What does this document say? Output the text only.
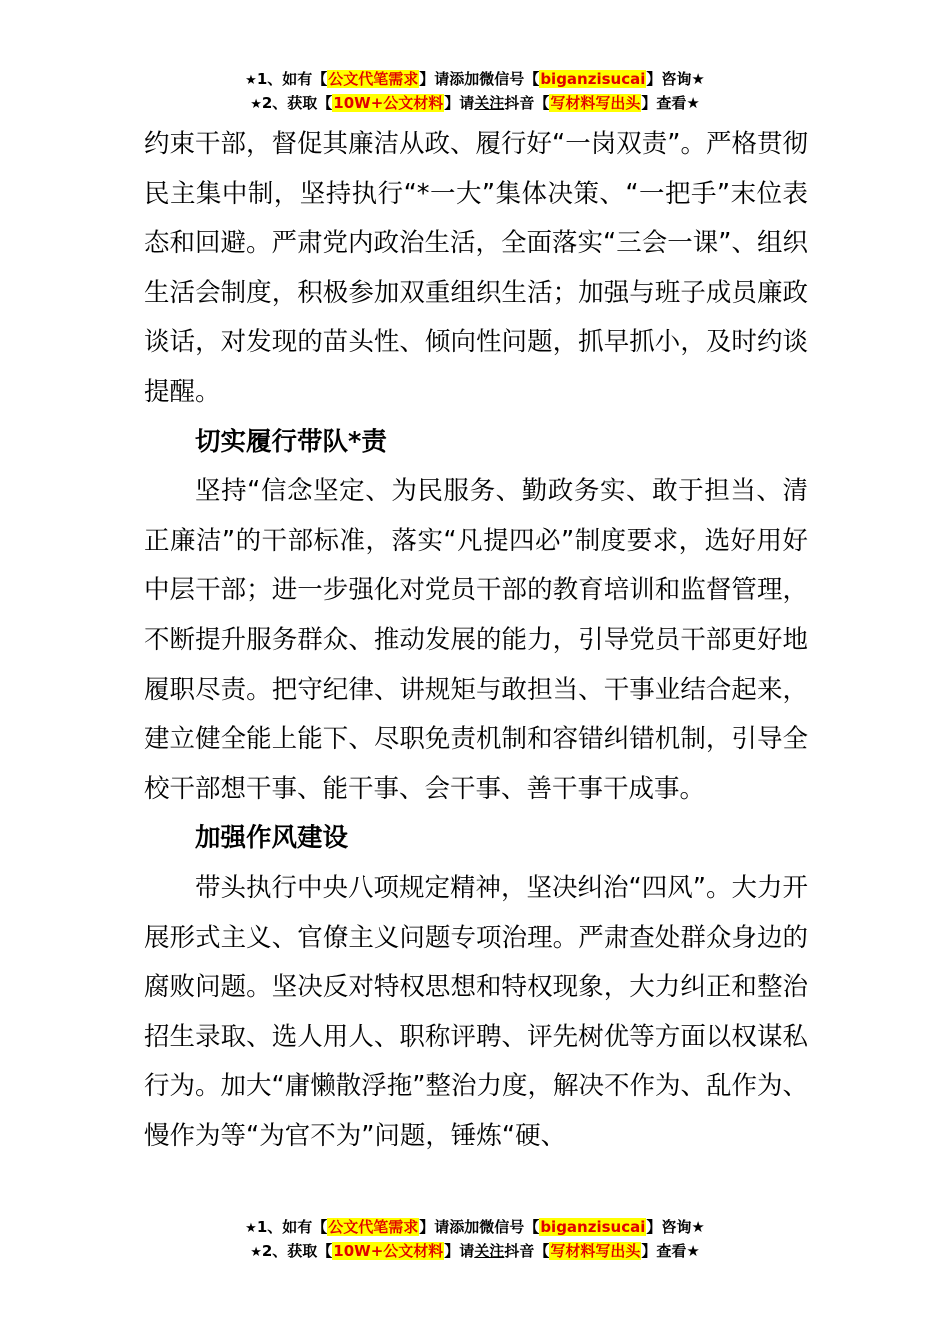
★1、如有【公文代笔需求】请添加微信号【biganzisucai】咨询★
★2、获取【10W+公文材料】请关注抖音【写材料写出头】查看★

约束干部，督促其廉洁从政、履行好“一岗双责”。严格贯彻民主集中制，坚持执行“*一大”集体决策、“一把手”末位表态和回避。严肃党内政治生活，全面落实“三会一课”、组织生活会制度，积极参加双重组织生活；加强与班子成员廉政谈话，对发现的苗头性、倾向性问题，抓早抓小，及时约谈提醒。

切实履行带队*责

坚持“信念坚定、为民服务、勤政务实、敢于担当、清正廉洁”的干部标准，落实“凡提四必”制度要求，选好用好中层干部；进一步强化对党员干部的教育培训和监督管理，不断提升服务群众、推动发展的能力，引导党员干部更好地履职尽责。把守纪律、讲规矩与敢担当、干事业结合起来，建立健全能上能下、尽职免责机制和容错纠错机制，引导全校干部想干事、能干事、会干事、善干事干成事。

加强作风建设

带头执行中央八项规定精神，坚决纠治“四风”。大力开展形式主义、官僚主义问题专项治理。严肃查处群众身边的腐败问题。坚决反对特权思想和特权现象，大力纠正和整治招生录取、选人用人、职称评聘、评先树优等方面以权谋私行为。加大“庸懒散浮拖”整治力度，解决不作为、乱作为、慢作为等“为官不为”问题，锤炼“硬、

★1、如有【公文代笔需求】请添加微信号【biganzisucai】咨询★
★2、获取【10W+公文材料】请关注抖音【写材料写出头】查看★
